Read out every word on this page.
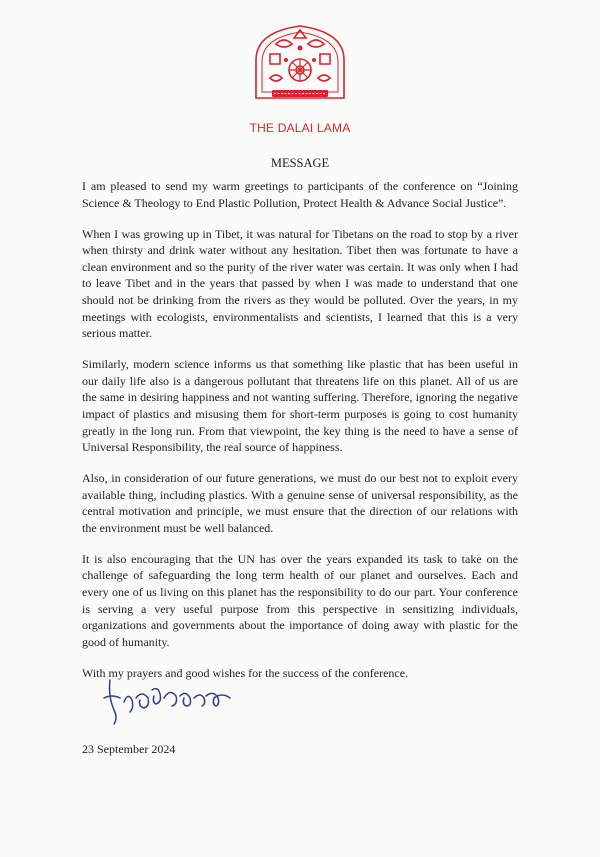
THE DALAI LAMA
MESSAGE

I am pleased to send my warm greetings to participants of the conference on “Joining Science & Theology to End Plastic Pollution, Protect Health & Advance Social Justice”.

When I was growing up in Tibet, it was natural for Tibetans on the road to stop by a river when thirsty and drink water without any hesitation. Tibet then was fortunate to have a clean environment and so the purity of the river water was certain. It was only when I had to leave Tibet and in the years that passed by when I was made to understand that one should not be drinking from the rivers as they would be polluted. Over the years, in my meetings with ecologists, environmentalists and scientists, I learned that this is a very serious matter.

Similarly, modern science informs us that something like plastic that has been useful in our daily life also is a dangerous pollutant that threatens life on this planet. All of us are the same in desiring happiness and not wanting suffering. Therefore, ignoring the negative impact of plastics and misusing them for short-term purposes is going to cost humanity greatly in the long run. From that viewpoint, the key thing is the need to have a sense of Universal Responsibility, the real source of happiness.

Also, in consideration of our future generations, we must do our best not to exploit every available thing, including plastics. With a genuine sense of universal responsibility, as the central motivation and principle, we must ensure that the direction of our relations with the environment must be well balanced.

It is also encouraging that the UN has over the years expanded its task to take on the challenge of safeguarding the long term health of our planet and ourselves. Each and every one of us living on this planet has the responsibility to do our part. Your conference is serving a very useful purpose from this perspective in sensitizing individuals, organizations and governments about the importance of doing away with plastic for the good of humanity.

With my prayers and good wishes for the success of the conference.

23 September 2024
